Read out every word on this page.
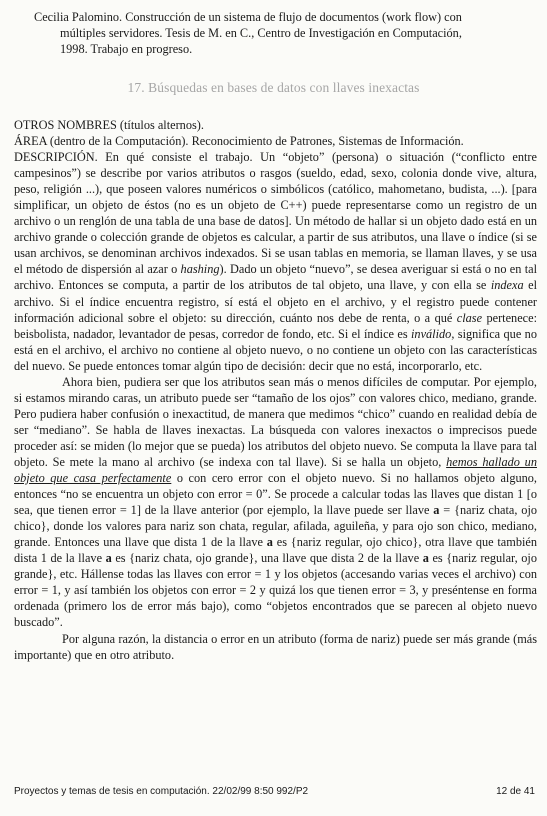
Cecilia Palomino. Construcción de un sistema de flujo de documentos (work flow) con
múltiples servidores. Tesis de M. en C., Centro de Investigación en Computación,
1998. Trabajo en progreso.

17. Búsquedas en bases de datos con llaves inexactas

OTROS NOMBRES (títulos alternos).

ÁREA (dentro de la Computación). Reconocimiento de Patrones, Sistemas de Información.

DESCRIPCIÓN. En qué consiste el trabajo. Un “objeto” (persona) o situación (“conflicto entre campesinos”) se describe por varios atributos o rasgos (sueldo, edad, sexo, colonia donde vive, altura, peso, religión ...), que poseen valores numéricos o simbólicos (católico, mahometano, budista, ...). [para simplificar, un objeto de éstos (no es un objeto de C++) puede representarse como un registro de un archivo o un renglón de una tabla de una base de datos]. Un método de hallar si un objeto dado está en un archivo grande o colección grande de objetos es calcular, a partir de sus atributos, una llave o índice (si se usan archivos, se denominan archivos indexados. Si se usan tablas en memoria, se llaman llaves, y se usa el método de dispersión al azar o hashing). Dado un objeto “nuevo”, se desea averiguar si está o no en tal archivo. Entonces se computa, a partir de los atributos de tal objeto, una llave, y con ella se indexa el archivo. Si el índice encuentra registro, sí está el objeto en el archivo, y el registro puede contener información adicional sobre el objeto: su dirección, cuánto nos debe de renta, o a qué clase pertenece: beisbolista, nadador, levantador de pesas, corredor de fondo, etc. Si el índice es inválido, significa que no está en el archivo, el archivo no contiene al objeto nuevo, o no contiene un objeto con las características del nuevo. Se puede entonces tomar algún tipo de decisión: decir que no está, incorporarlo, etc.

Ahora bien, pudiera ser que los atributos sean más o menos difíciles de computar. Por ejemplo, si estamos mirando caras, un atributo puede ser “tamaño de los ojos” con valores chico, mediano, grande. Pero pudiera haber confusión o inexactitud, de manera que medimos “chico” cuando en realidad debía de ser “mediano”. Se habla de llaves inexactas. La búsqueda con valores inexactos o imprecisos puede proceder así: se miden (lo mejor que se pueda) los atributos del objeto nuevo. Se computa la llave para tal objeto. Se mete la mano al archivo (se indexa con tal llave). Si se halla un objeto, hemos hallado un objeto que casa perfectamente o con cero error con el objeto nuevo. Si no hallamos objeto alguno, entonces “no se encuentra un objeto con error = 0”. Se procede a calcular todas las llaves que distan 1 [o sea, que tienen error = 1] de la llave anterior (por ejemplo, la llave puede ser llave a = {nariz chata, ojo chico}, donde los valores para nariz son chata, regular, afilada, aguileña, y para ojo son chico, mediano, grande. Entonces una llave que dista 1 de la llave a es {nariz regular, ojo chico}, otra llave que también dista 1 de la llave a es {nariz chata, ojo grande}, una llave que dista 2 de la llave a es {nariz regular, ojo grande}, etc. Hállense todas las llaves con error = 1 y los objetos (accesando varias veces el archivo) con error = 1, y así también los objetos con error = 2 y quizá los que tienen error = 3, y preséntense en forma ordenada (primero los de error más bajo), como “objetos encontrados que se parecen al objeto nuevo buscado”.

Por alguna razón, la distancia o error en un atributo (forma de nariz) puede ser más grande (más importante) que en otro atributo.

Proyectos y temas de tesis en computación. 22/02/99 8:50 992/P2	12 de 41
